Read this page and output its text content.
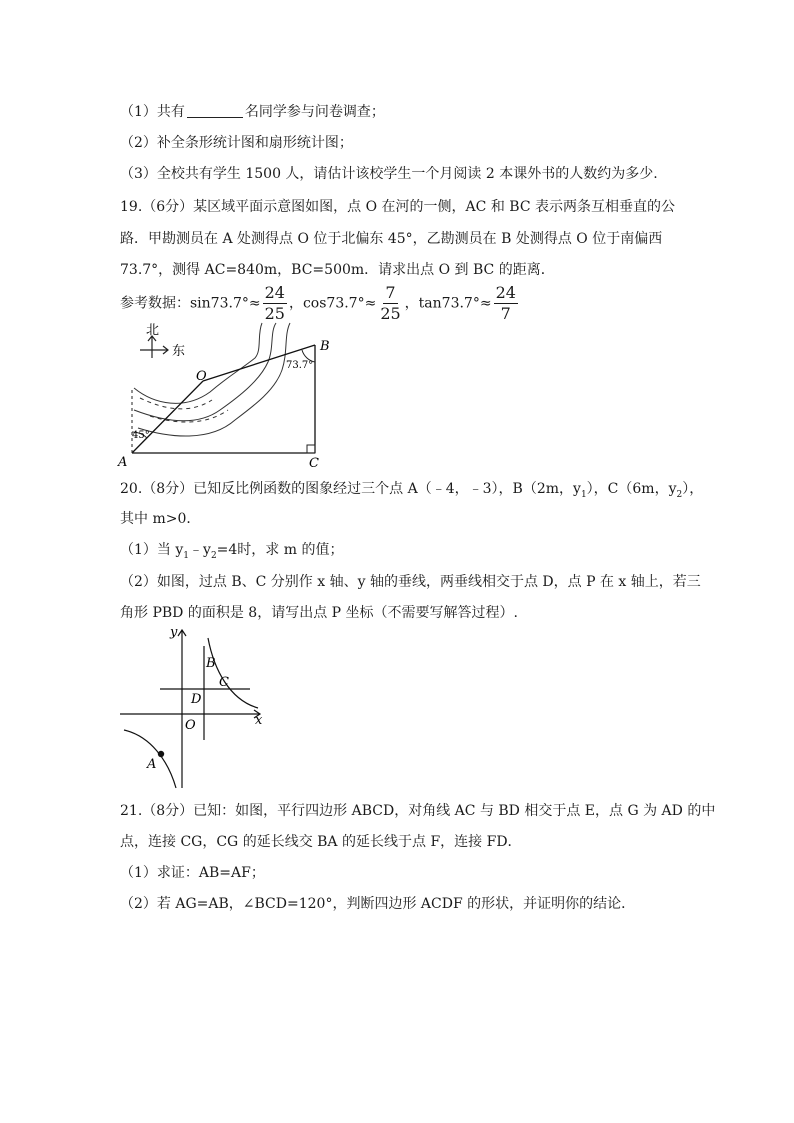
（1）共有	名同学参与问卷调查；
（2）补全条形统计图和扇形统计图；
（3）全校共有学生 1500 人，请估计该校学生一个月阅读 2 本课外书的人数约为多少.
19.（6分）某区域平面示意图如图，点 O 在河的一侧，AC 和 BC 表示两条互相垂直的公
路．甲勘测员在 A 处测得点 O 位于北偏东 45°，乙勘测员在 B 处测得点 O 位于南偏西
73.7°，测得 AC=840m，BC=500m．请求出点 O 到 BC 的距离．
参考数据：$\sin 73.7^\circ\approx \frac{24}{25}$ ，$\cos 73.7^\circ\approx \frac{7}{25}$ ，$\tan 73.7^\circ\approx \frac{24}{7}$
北
东
45°
73.7°
A
B
C
O
20.（8分）已知反比例函数的图象经过三个点 A（﹣4，﹣3），B（2m，$y_1$），C（6m，$y_2$），
其中 m>0．
（1）当 $y_1﹣y_2=4$时，求 m 的值；
（2）如图，过点 B、C 分别作 x 轴、y 轴的垂线，两垂线相交于点 D，点 P 在 x 轴上，若三
角形 PBD 的面积是 8，请写出点 P 坐标（不需要写解答过程）.
y
x
B
C
D
O
A
21.（8分）已知：如图，平行四边形 ABCD，对角线 AC 与 BD 相交于点 E，点 G 为 AD 的中
点，连接 CG，CG 的延长线交 BA 的延长线于点 F，连接 FD．
（1）求证：AB=AF；
（2）若 AG=AB，∠BCD=120°，判断四边形 ACDF 的形状，并证明你的结论．
